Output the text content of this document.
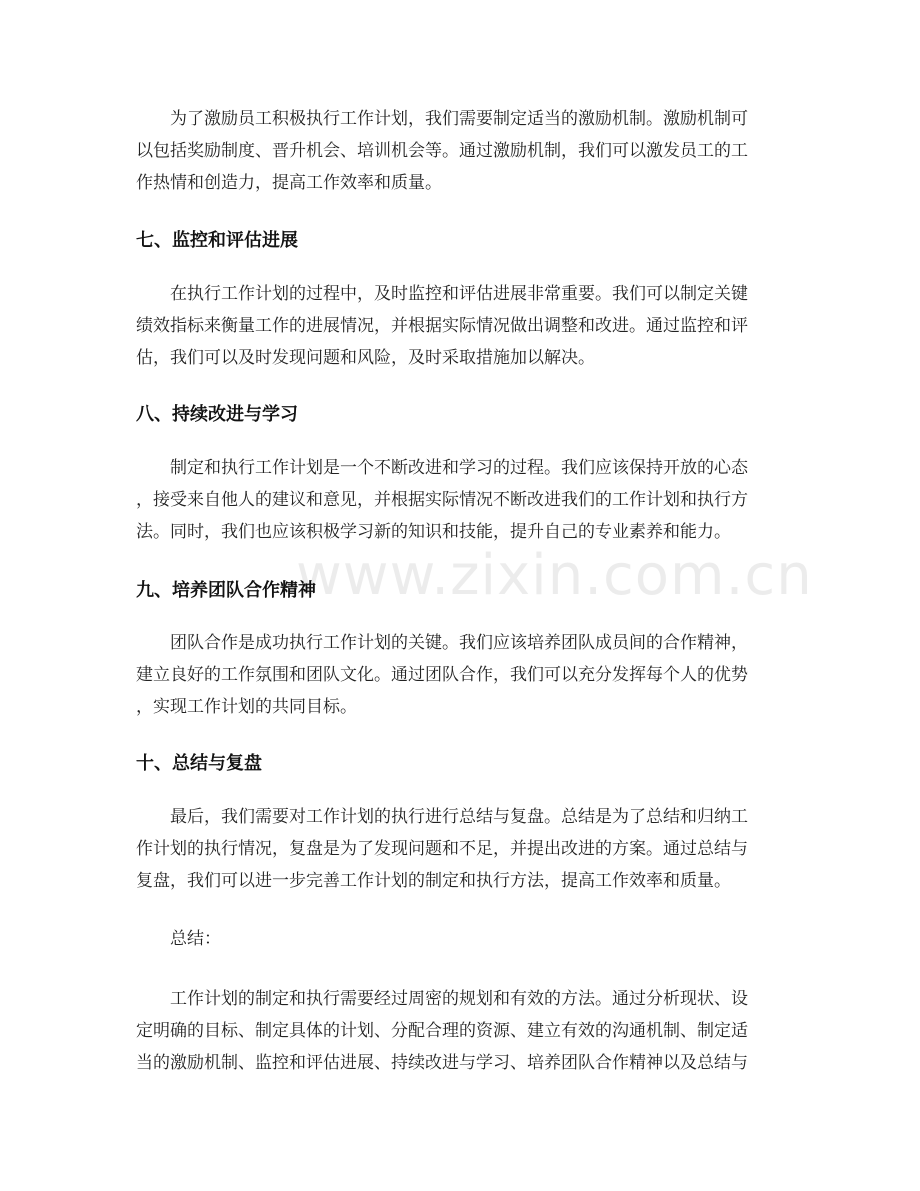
www.zixin.com.cn
为了激励员工积极执行工作计划，我们需要制定适当的激励机制。激励机制可
以包括奖励制度、晋升机会、培训机会等。通过激励机制，我们可以激发员工的工
作热情和创造力，提高工作效率和质量。
七、监控和评估进展
在执行工作计划的过程中，及时监控和评估进展非常重要。我们可以制定关键
绩效指标来衡量工作的进展情况，并根据实际情况做出调整和改进。通过监控和评
估，我们可以及时发现问题和风险，及时采取措施加以解决。
八、持续改进与学习
制定和执行工作计划是一个不断改进和学习的过程。我们应该保持开放的心态
，接受来自他人的建议和意见，并根据实际情况不断改进我们的工作计划和执行方
法。同时，我们也应该积极学习新的知识和技能，提升自己的专业素养和能力。
九、培养团队合作精神
团队合作是成功执行工作计划的关键。我们应该培养团队成员间的合作精神，
建立良好的工作氛围和团队文化。通过团队合作，我们可以充分发挥每个人的优势
，实现工作计划的共同目标。
十、总结与复盘
最后，我们需要对工作计划的执行进行总结与复盘。总结是为了总结和归纳工
作计划的执行情况，复盘是为了发现问题和不足，并提出改进的方案。通过总结与
复盘，我们可以进一步完善工作计划的制定和执行方法，提高工作效率和质量。
总结：
工作计划的制定和执行需要经过周密的规划和有效的方法。通过分析现状、设
定明确的目标、制定具体的计划、分配合理的资源、建立有效的沟通机制、制定适
当的激励机制、监控和评估进展、持续改进与学习、培养团队合作精神以及总结与
